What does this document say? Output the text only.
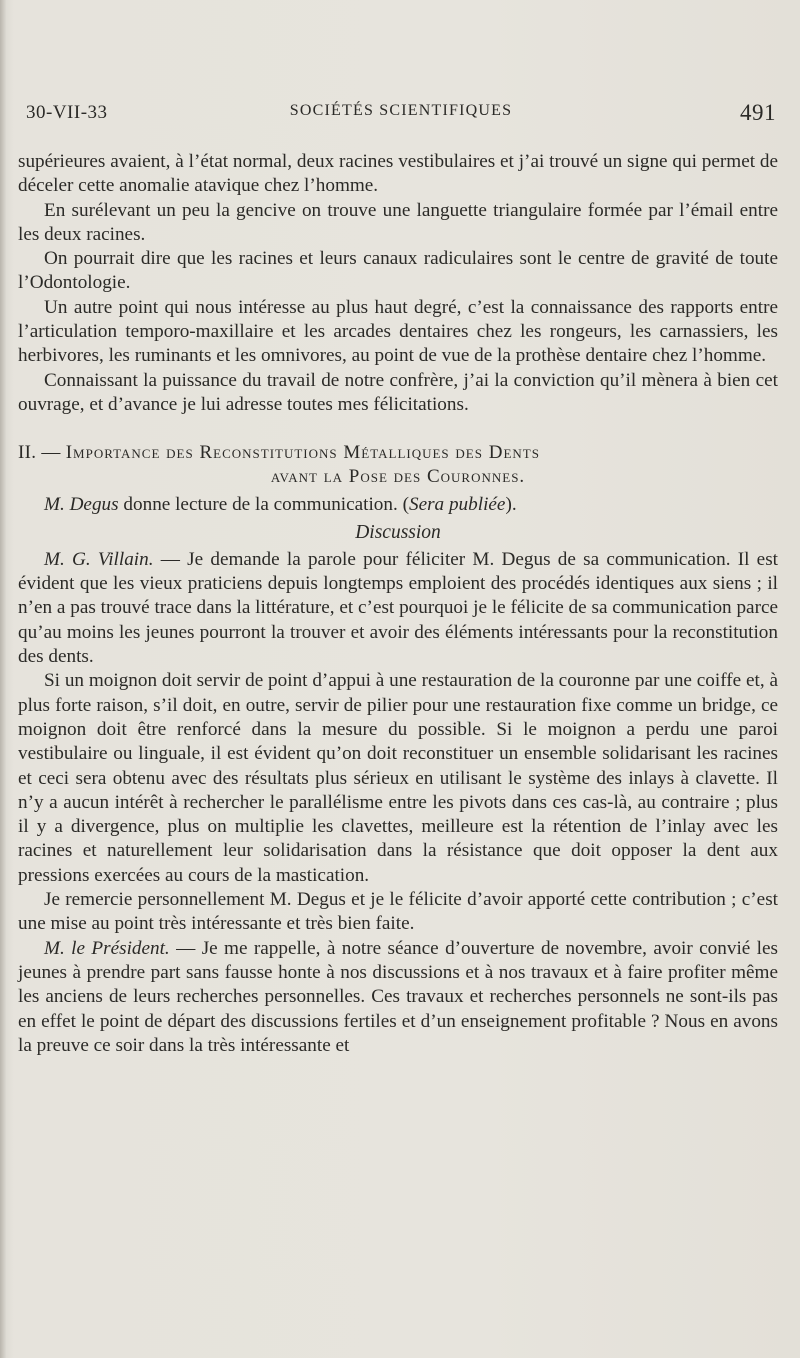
30-VII-33	SOCIÉTÉS SCIENTIFIQUES	491

supérieures avaient, à l’état normal, deux racines vestibulaires et j’ai trouvé un signe qui permet de déceler cette anomalie atavique chez l’homme.

En surélevant un peu la gencive on trouve une languette triangulaire formée par l’émail entre les deux racines.

On pourrait dire que les racines et leurs canaux radiculaires sont le centre de gravité de toute l’Odontologie.

Un autre point qui nous intéresse au plus haut degré, c’est la connaissance des rapports entre l’articulation temporo-maxillaire et les arcades dentaires chez les rongeurs, les carnassiers, les herbivores, les ruminants et les omnivores, au point de vue de la prothèse dentaire chez l’homme.

Connaissant la puissance du travail de notre confrère, j’ai la conviction qu’il mènera à bien cet ouvrage, et d’avance je lui adresse toutes mes félicitations.

II. — Importance des Reconstitutions Métalliques des Dents
avant la Pose des Couronnes.

M. Degus donne lecture de la communication. (Sera publiée).

Discussion

M. G. Villain. — Je demande la parole pour féliciter M. Degus de sa communication. Il est évident que les vieux praticiens depuis longtemps emploient des procédés identiques aux siens ; il n’en a pas trouvé trace dans la littérature, et c’est pourquoi je le félicite de sa communication parce qu’au moins les jeunes pourront la trouver et avoir des éléments intéressants pour la reconstitution des dents.

Si un moignon doit servir de point d’appui à une restauration de la couronne par une coiffe et, à plus forte raison, s’il doit, en outre, servir de pilier pour une restauration fixe comme un bridge, ce moignon doit être renforcé dans la mesure du possible. Si le moignon a perdu une paroi vestibulaire ou linguale, il est évident qu’on doit reconstituer un ensemble solidarisant les racines et ceci sera obtenu avec des résultats plus sérieux en utilisant le système des inlays à clavette. Il n’y a aucun intérêt à rechercher le parallélisme entre les pivots dans ces cas-là, au contraire ; plus il y a divergence, plus on multiplie les clavettes, meilleure est la rétention de l’inlay avec les racines et naturellement leur solidarisation dans la résistance que doit opposer la dent aux pressions exercées au cours de la mastication.

Je remercie personnellement M. Degus et je le félicite d’avoir apporté cette contribution ; c’est une mise au point très intéressante et très bien faite.

M. le Président. — Je me rappelle, à notre séance d’ouverture de novembre, avoir convié les jeunes à prendre part sans fausse honte à nos discussions et à nos travaux et à faire profiter même les anciens de leurs recherches personnelles. Ces travaux et recherches personnels ne sont-ils pas en effet le point de départ des discussions fertiles et d’un enseignement profitable ? Nous en avons la preuve ce soir dans la très intéressante et
